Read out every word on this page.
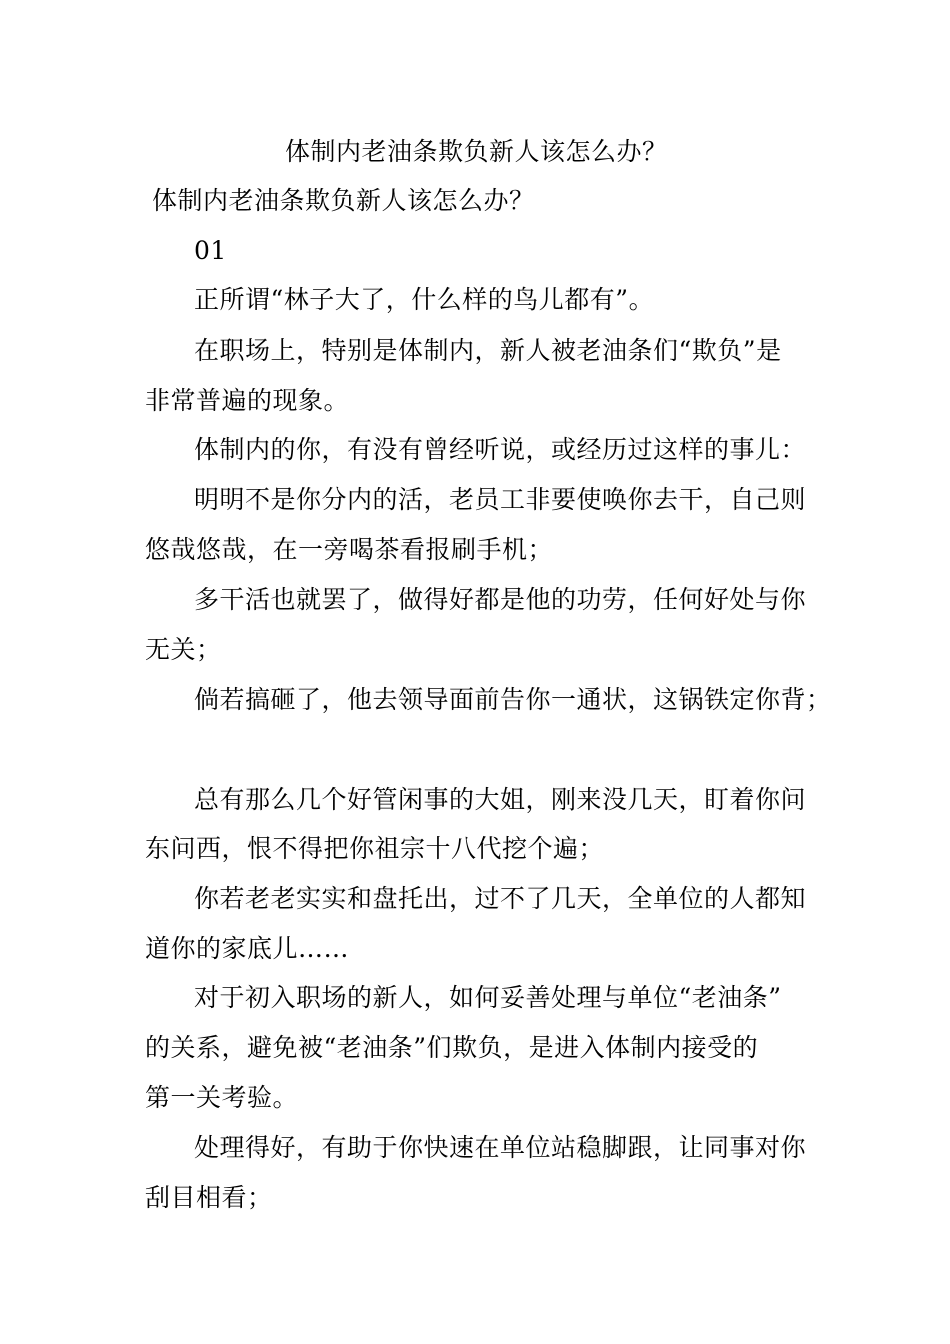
体制内老油条欺负新人该怎么办？
体制内老油条欺负新人该怎么办？
01
正所谓“林子大了，什么样的鸟儿都有”。
在职场上，特别是体制内，新人被老油条们“欺负”是
非常普遍的现象。
体制内的你，有没有曾经听说，或经历过这样的事儿：
明明不是你分内的活，老员工非要使唤你去干，自己则
悠哉悠哉，在一旁喝茶看报刷手机；
多干活也就罢了，做得好都是他的功劳，任何好处与你
无关；
倘若搞砸了，他去领导面前告你一通状，这锅铁定你背；
总有那么几个好管闲事的大姐，刚来没几天，盯着你问
东问西，恨不得把你祖宗十八代挖个遍；
你若老老实实和盘托出，过不了几天，全单位的人都知
道你的家底儿……
对于初入职场的新人，如何妥善处理与单位“老油条”
的关系，避免被“老油条”们欺负，是进入体制内接受的
第一关考验。
处理得好，有助于你快速在单位站稳脚跟，让同事对你
刮目相看；
